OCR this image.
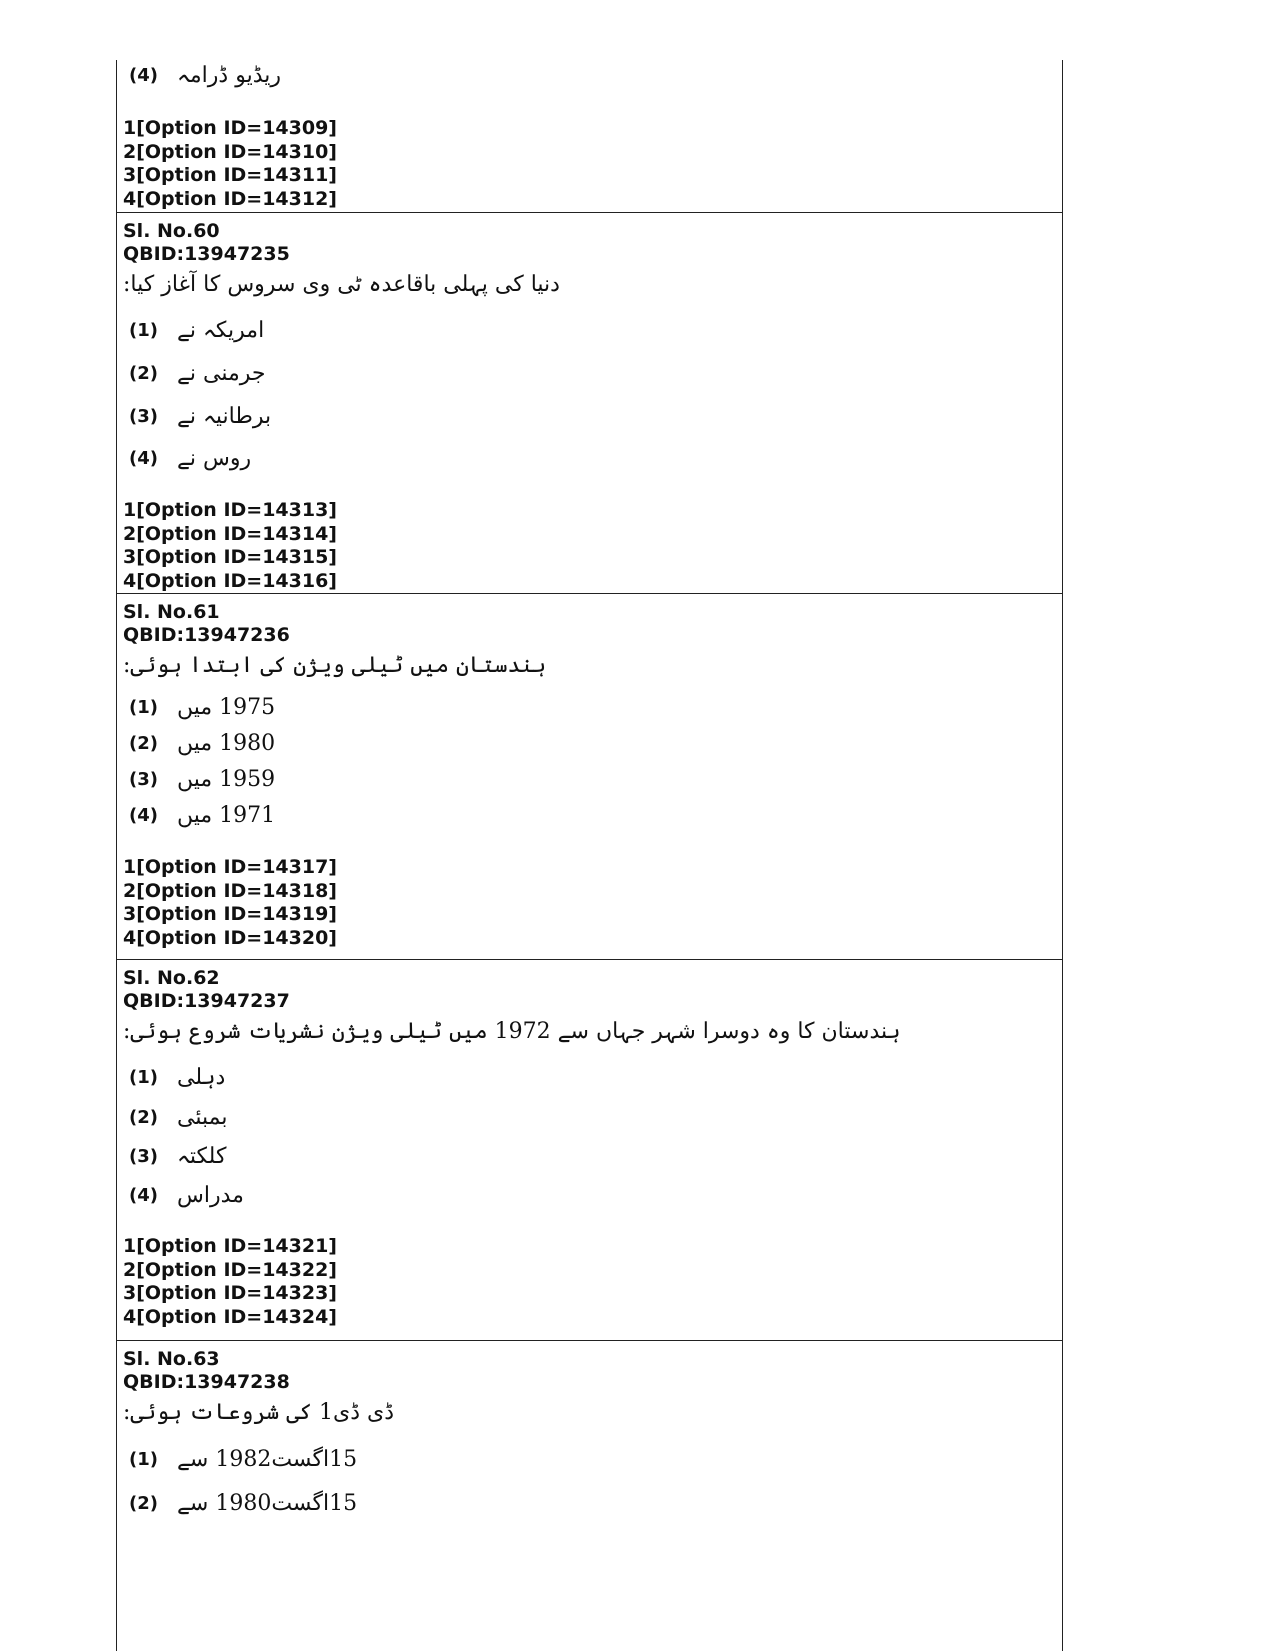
(4) ریڈیو ڈرامہ
1[Option ID=14309]
2[Option ID=14310]
3[Option ID=14311]
4[Option ID=14312]
Sl. No.60
QBID:13947235
دنیا کی پہلی باقاعدہ ٹی وی سروس کا آغاز کیا:
(1) امریکہ نے
(2) جرمنی نے
(3) برطانیہ نے
(4) روس نے
1[Option ID=14313]
2[Option ID=14314]
3[Option ID=14315]
4[Option ID=14316]
Sl. No.61
QBID:13947236
ہندستان میں ٹیلی ویژن کی ابتدا ہوئی:
(1) 1975 میں
(2) 1980 میں
(3) 1959 میں
(4) 1971 میں
1[Option ID=14317]
2[Option ID=14318]
3[Option ID=14319]
4[Option ID=14320]
Sl. No.62
QBID:13947237
ہندستان کا وہ دوسرا شہر جہاں سے 1972 میں ٹیلی ویژن نشریات شروع ہوئی:
(1) دہلی
(2) بمبئی
(3) کلکتہ
(4) مدراس
1[Option ID=14321]
2[Option ID=14322]
3[Option ID=14323]
4[Option ID=14324]
Sl. No.63
QBID:13947238
ڈی ڈی1 کی شروعات ہوئی:
(1) 15اگست1982 سے
(2) 15اگست1980 سے
